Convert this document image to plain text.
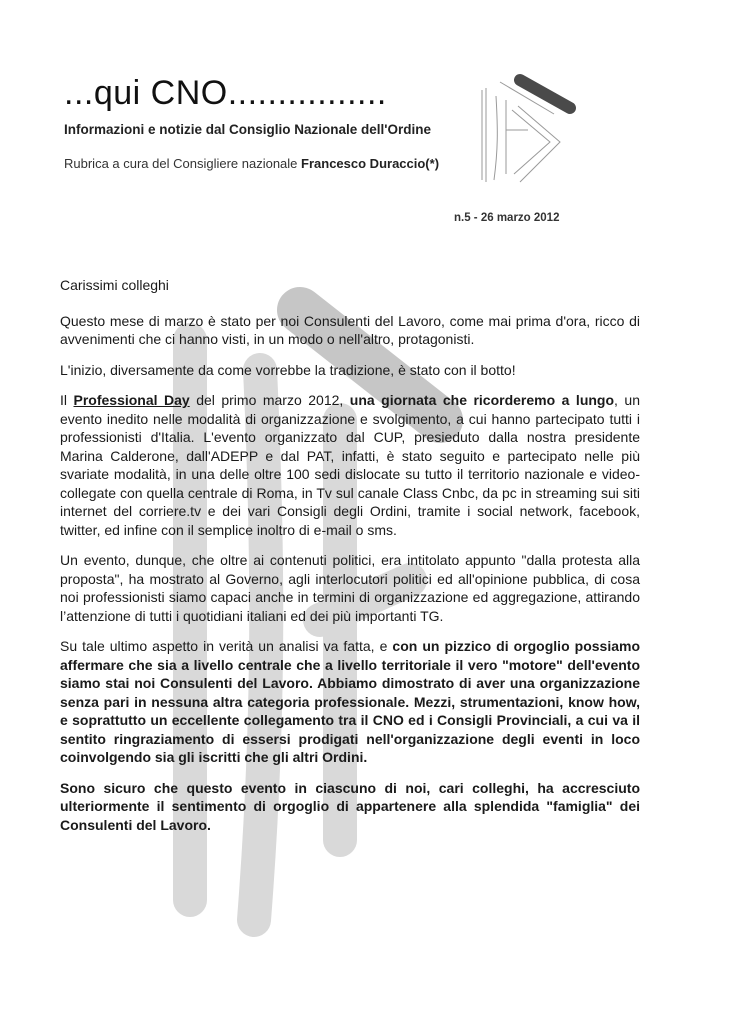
...qui CNO................
Informazioni e notizie dal Consiglio Nazionale dell'Ordine
Rubrica a cura del Consigliere nazionale Francesco Duraccio(*)
n.5 - 26 marzo 2012

Carissimi colleghi

Questo mese di marzo è stato per noi Consulenti del Lavoro, come mai prima d'ora, ricco di avvenimenti che ci hanno visti, in un modo o nell'altro, protagonisti.

L'inizio, diversamente da come vorrebbe la tradizione, è stato con il botto!

Il Professional Day del primo marzo 2012, una giornata che ricorderemo a lungo, un evento inedito nelle modalità di organizzazione e svolgimento, a cui hanno partecipato tutti i professionisti d'Italia. L'evento organizzato dal CUP, presieduto dalla nostra presidente Marina Calderone, dall'ADEPP e dal PAT, infatti, è stato seguito e partecipato nelle più svariate modalità, in una delle oltre 100 sedi dislocate su tutto il territorio nazionale e video-collegate con quella centrale di Roma, in Tv sul canale Class Cnbc, da pc in streaming sui siti internet del corriere.tv e dei vari Consigli degli Ordini, tramite i social network, facebook, twitter, ed infine con il semplice inoltro di e-mail o sms.

Un evento, dunque, che oltre ai contenuti politici, era intitolato appunto "dalla protesta alla proposta", ha mostrato al Governo, agli interlocutori politici ed all'opinione pubblica, di cosa noi professionisti siamo capaci anche in termini di organizzazione ed aggregazione, attirando l’attenzione di tutti i quotidiani italiani ed dei più importanti TG.

Su tale ultimo aspetto in verità un analisi va fatta, e con un pizzico di orgoglio possiamo affermare che sia a livello centrale che a livello territoriale il vero "motore" dell'evento siamo stai noi Consulenti del Lavoro. Abbiamo dimostrato di aver una organizzazione senza pari in nessuna altra categoria professionale. Mezzi, strumentazioni, know how, e soprattutto un eccellente collegamento tra il CNO ed i Consigli Provinciali, a cui va il sentito ringraziamento di essersi prodigati nell'organizzazione degli eventi in loco coinvolgendo sia gli iscritti che gli altri Ordini.

Sono sicuro che questo evento in ciascuno di noi, cari colleghi, ha accresciuto ulteriormente il sentimento di orgoglio di appartenere alla splendida "famiglia" dei Consulenti del Lavoro.
